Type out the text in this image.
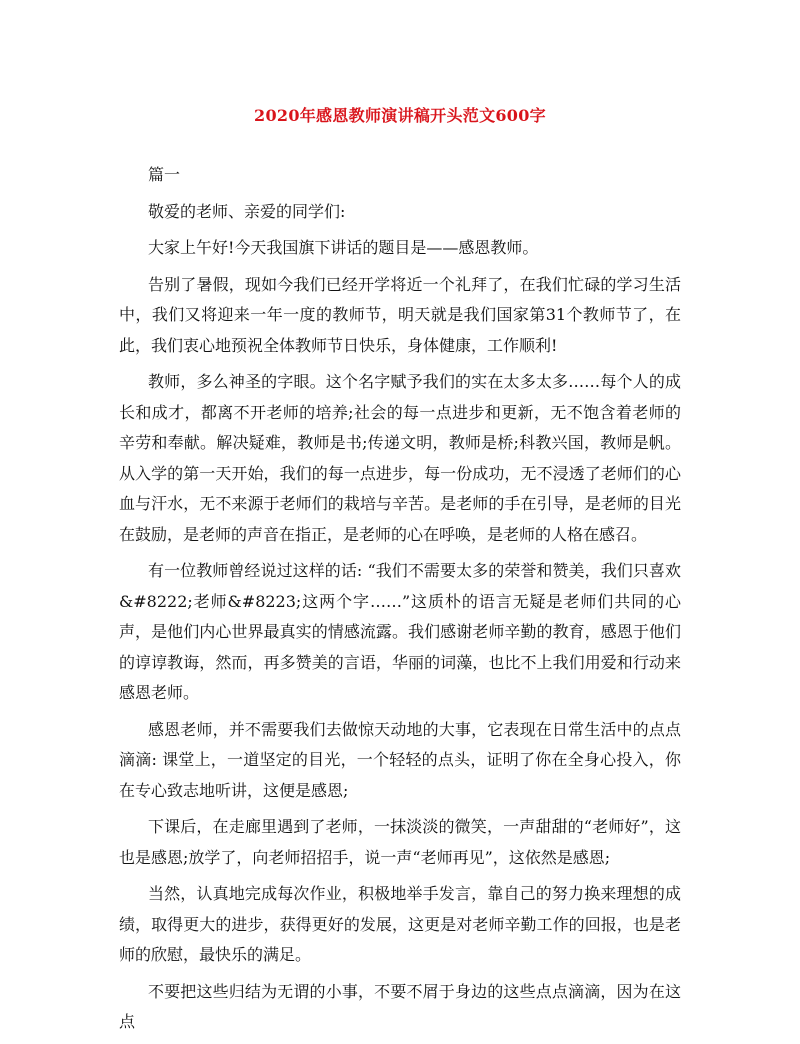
2020年感恩教师演讲稿开头范文600字

篇一

敬爱的老师、亲爱的同学们:

大家上午好!今天我国旗下讲话的题目是——感恩教师。

告别了暑假，现如今我们已经开学将近一个礼拜了，在我们忙碌的学习生活中，我们又将迎来一年一度的教师节，明天就是我们国家第31个教师节了，在此，我们衷心地预祝全体教师节日快乐，身体健康，工作顺利!

教师，多么神圣的字眼。这个名字赋予我们的实在太多太多……每个人的成长和成才，都离不开老师的培养;社会的每一点进步和更新，无不饱含着老师的辛劳和奉献。解决疑难，教师是书;传递文明，教师是桥;科教兴国，教师是帆。从入学的第一天开始，我们的每一点进步，每一份成功，无不浸透了老师们的心血与汗水，无不来源于老师们的栽培与辛苦。是老师的手在引导，是老师的目光在鼓励，是老师的声音在指正，是老师的心在呼唤，是老师的人格在感召。

有一位教师曾经说过这样的话: “我们不需要太多的荣誉和赞美，我们只喜欢&#8222;老师&#8223;这两个字……”这质朴的语言无疑是老师们共同的心声，是他们内心世界最真实的情感流露。我们感谢老师辛勤的教育，感恩于他们的谆谆教诲，然而，再多赞美的言语，华丽的词藻，也比不上我们用爱和行动来感恩老师。

感恩老师，并不需要我们去做惊天动地的大事，它表现在日常生活中的点点滴滴: 课堂上，一道坚定的目光，一个轻轻的点头，证明了你在全身心投入，你在专心致志地听讲，这便是感恩;

下课后，在走廊里遇到了老师，一抹淡淡的微笑，一声甜甜的“老师好”，这也是感恩;放学了，向老师招招手，说一声“老师再见”，这依然是感恩;

当然，认真地完成每次作业，积极地举手发言，靠自己的努力换来理想的成绩，取得更大的进步，获得更好的发展，这更是对老师辛勤工作的回报，也是老师的欣慰，最快乐的满足。

不要把这些归结为无谓的小事，不要不屑于身边的这些点点滴滴，因为在这点
